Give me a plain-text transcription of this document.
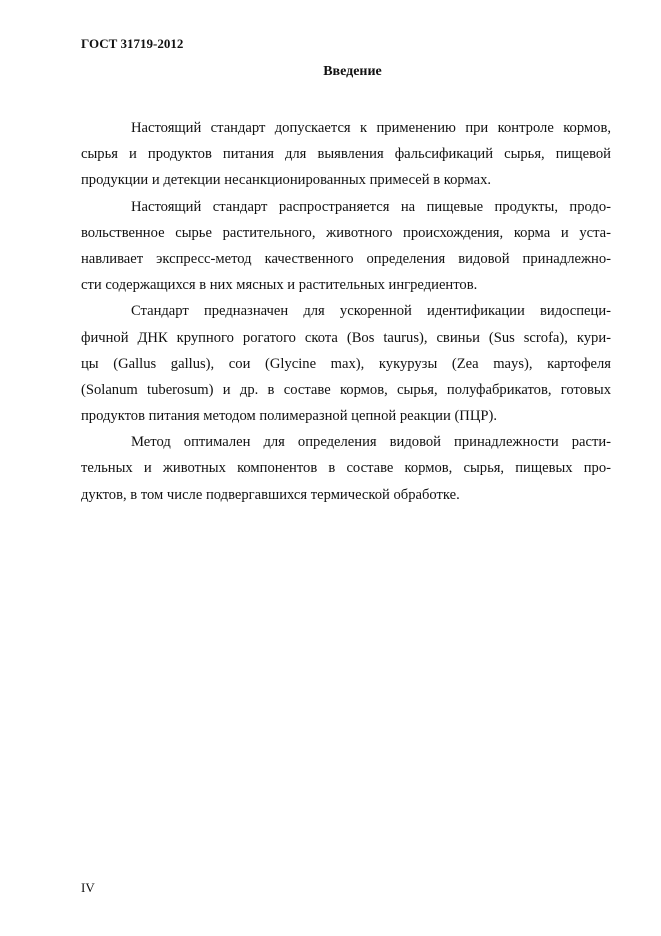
ГОСТ 31719-2012
Введение
Настоящий стандарт допускается к применению при контроле кормов,
сырья и продуктов питания для выявления фальсификаций сырья, пищевой
продукции и детекции несанкционированных примесей в кормах.
Настоящий стандарт распространяется на пищевые продукты, продо-
вольственное сырье растительного, животного происхождения, корма и уста-
навливает экспресс-метод качественного определения видовой принадлежно-
сти содержащихся в них мясных и растительных ингредиентов.
Стандарт предназначен для ускоренной идентификации видоспеци-
фичной ДНК крупного рогатого скота (Bos taurus), свиньи (Sus scrofa), кури-
цы (Gallus gallus), сои (Glycine max), кукурузы (Zea mays), картофеля
(Solanum tuberosum) и др. в составе кормов, сырья, полуфабрикатов, готовых
продуктов питания методом полимеразной цепной реакции (ПЦР).
Метод оптимален для определения видовой принадлежности расти-
тельных и животных компонентов в составе кормов, сырья, пищевых про-
дуктов, в том числе подвергавшихся термической обработке.
IV
